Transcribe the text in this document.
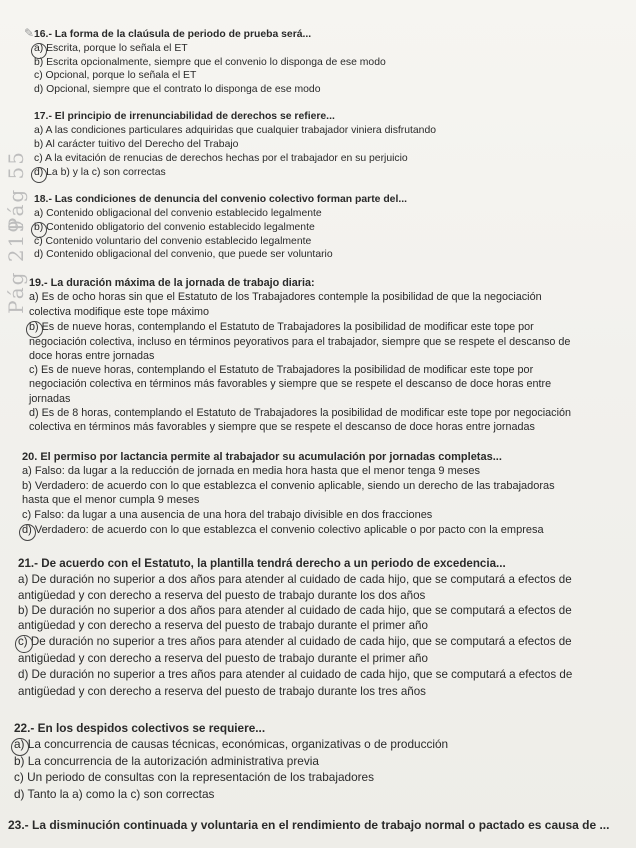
✎
Pág 55
Pág 219
16.- La forma de la claúsula de periodo de prueba será...
a) Escrita, porque lo señala el ET
b) Escrita opcionalmente, siempre que el convenio lo disponga de ese modo
c) Opcional, porque lo señala el ET
d) Opcional, siempre que el contrato lo disponga de ese modo
17.- El principio de irrenunciabilidad de derechos se refiere...
a) A las condiciones particulares adquiridas que cualquier trabajador viniera disfrutando
b) Al carácter tuitivo del Derecho del Trabajo
c) A la evitación de renucias de derechos hechas por el trabajador en su perjuicio
d) La b) y la c) son correctas
18.- Las condiciones de denuncia del convenio colectivo forman parte del...
a) Contenido obligacional del convenio establecido legalmente
b) Contenido obligatorio del convenio establecido legalmente
c) Contenido voluntario del convenio establecido legalmente
d) Contenido obligacional del convenio, que puede ser voluntario
19.- La duración máxima de la jornada de trabajo diaria:
a) Es de ocho horas sin que el Estatuto de los Trabajadores contemple la posibilidad de que la negociación
colectiva modifique este tope máximo
b) Es de nueve horas, contemplando el Estatuto de Trabajadores la posibilidad de modificar este tope por
negociación colectiva, incluso en términos peyorativos para el trabajador, siempre que se respete el descanso de
doce horas entre jornadas
c) Es de nueve horas, contemplando el Estatuto de Trabajadores la posibilidad de modificar este tope por
negociación colectiva en términos más favorables y siempre que se respete el descanso de doce horas entre
jornadas
d) Es de 8 horas, contemplando el Estatuto de Trabajadores la posibilidad de modificar este tope por negociación
colectiva en términos más favorables y siempre que se respete el descanso de doce horas entre jornadas
20. El permiso por lactancia permite al trabajador su acumulación por jornadas completas...
a) Falso: da lugar a la reducción de jornada en media hora hasta que el menor tenga 9 meses
b) Verdadero: de acuerdo con lo que establezca el convenio aplicable, siendo un derecho de las trabajadoras
hasta que el menor cumpla 9 meses
c) Falso: da lugar a una ausencia de una hora del trabajo divisible en dos fracciones
d) Verdadero: de acuerdo con lo que establezca el convenio colectivo aplicable o por pacto con la empresa
21.- De acuerdo con el Estatuto, la plantilla tendrá derecho a un periodo de excedencia...
a) De duración no superior a dos años para atender al cuidado de cada hijo, que se computará a efectos de
antigüedad y con derecho a reserva del puesto de trabajo durante los dos años
b) De duración no superior a dos años para atender al cuidado de cada hijo, que se computará a efectos de
antigüedad y con derecho a reserva del puesto de trabajo durante el primer año
c) De duración no superior a tres años para atender al cuidado de cada hijo, que se computará a efectos de
antigüedad y con derecho a reserva del puesto de trabajo durante el primer año
d) De duración no superior a tres años para atender al cuidado de cada hijo, que se computará a efectos de
antigüedad y con derecho a reserva del puesto de trabajo durante los tres años
22.- En los despidos colectivos se requiere...
a) La concurrencia de causas técnicas, económicas, organizativas o de producción
b) La concurrencia de la autorización administrativa previa
c) Un periodo de consultas con la representación de los trabajadores
d) Tanto la a) como la c) son correctas
23.- La disminución continuada y voluntaria en el rendimiento de trabajo normal o pactado es causa de ...
